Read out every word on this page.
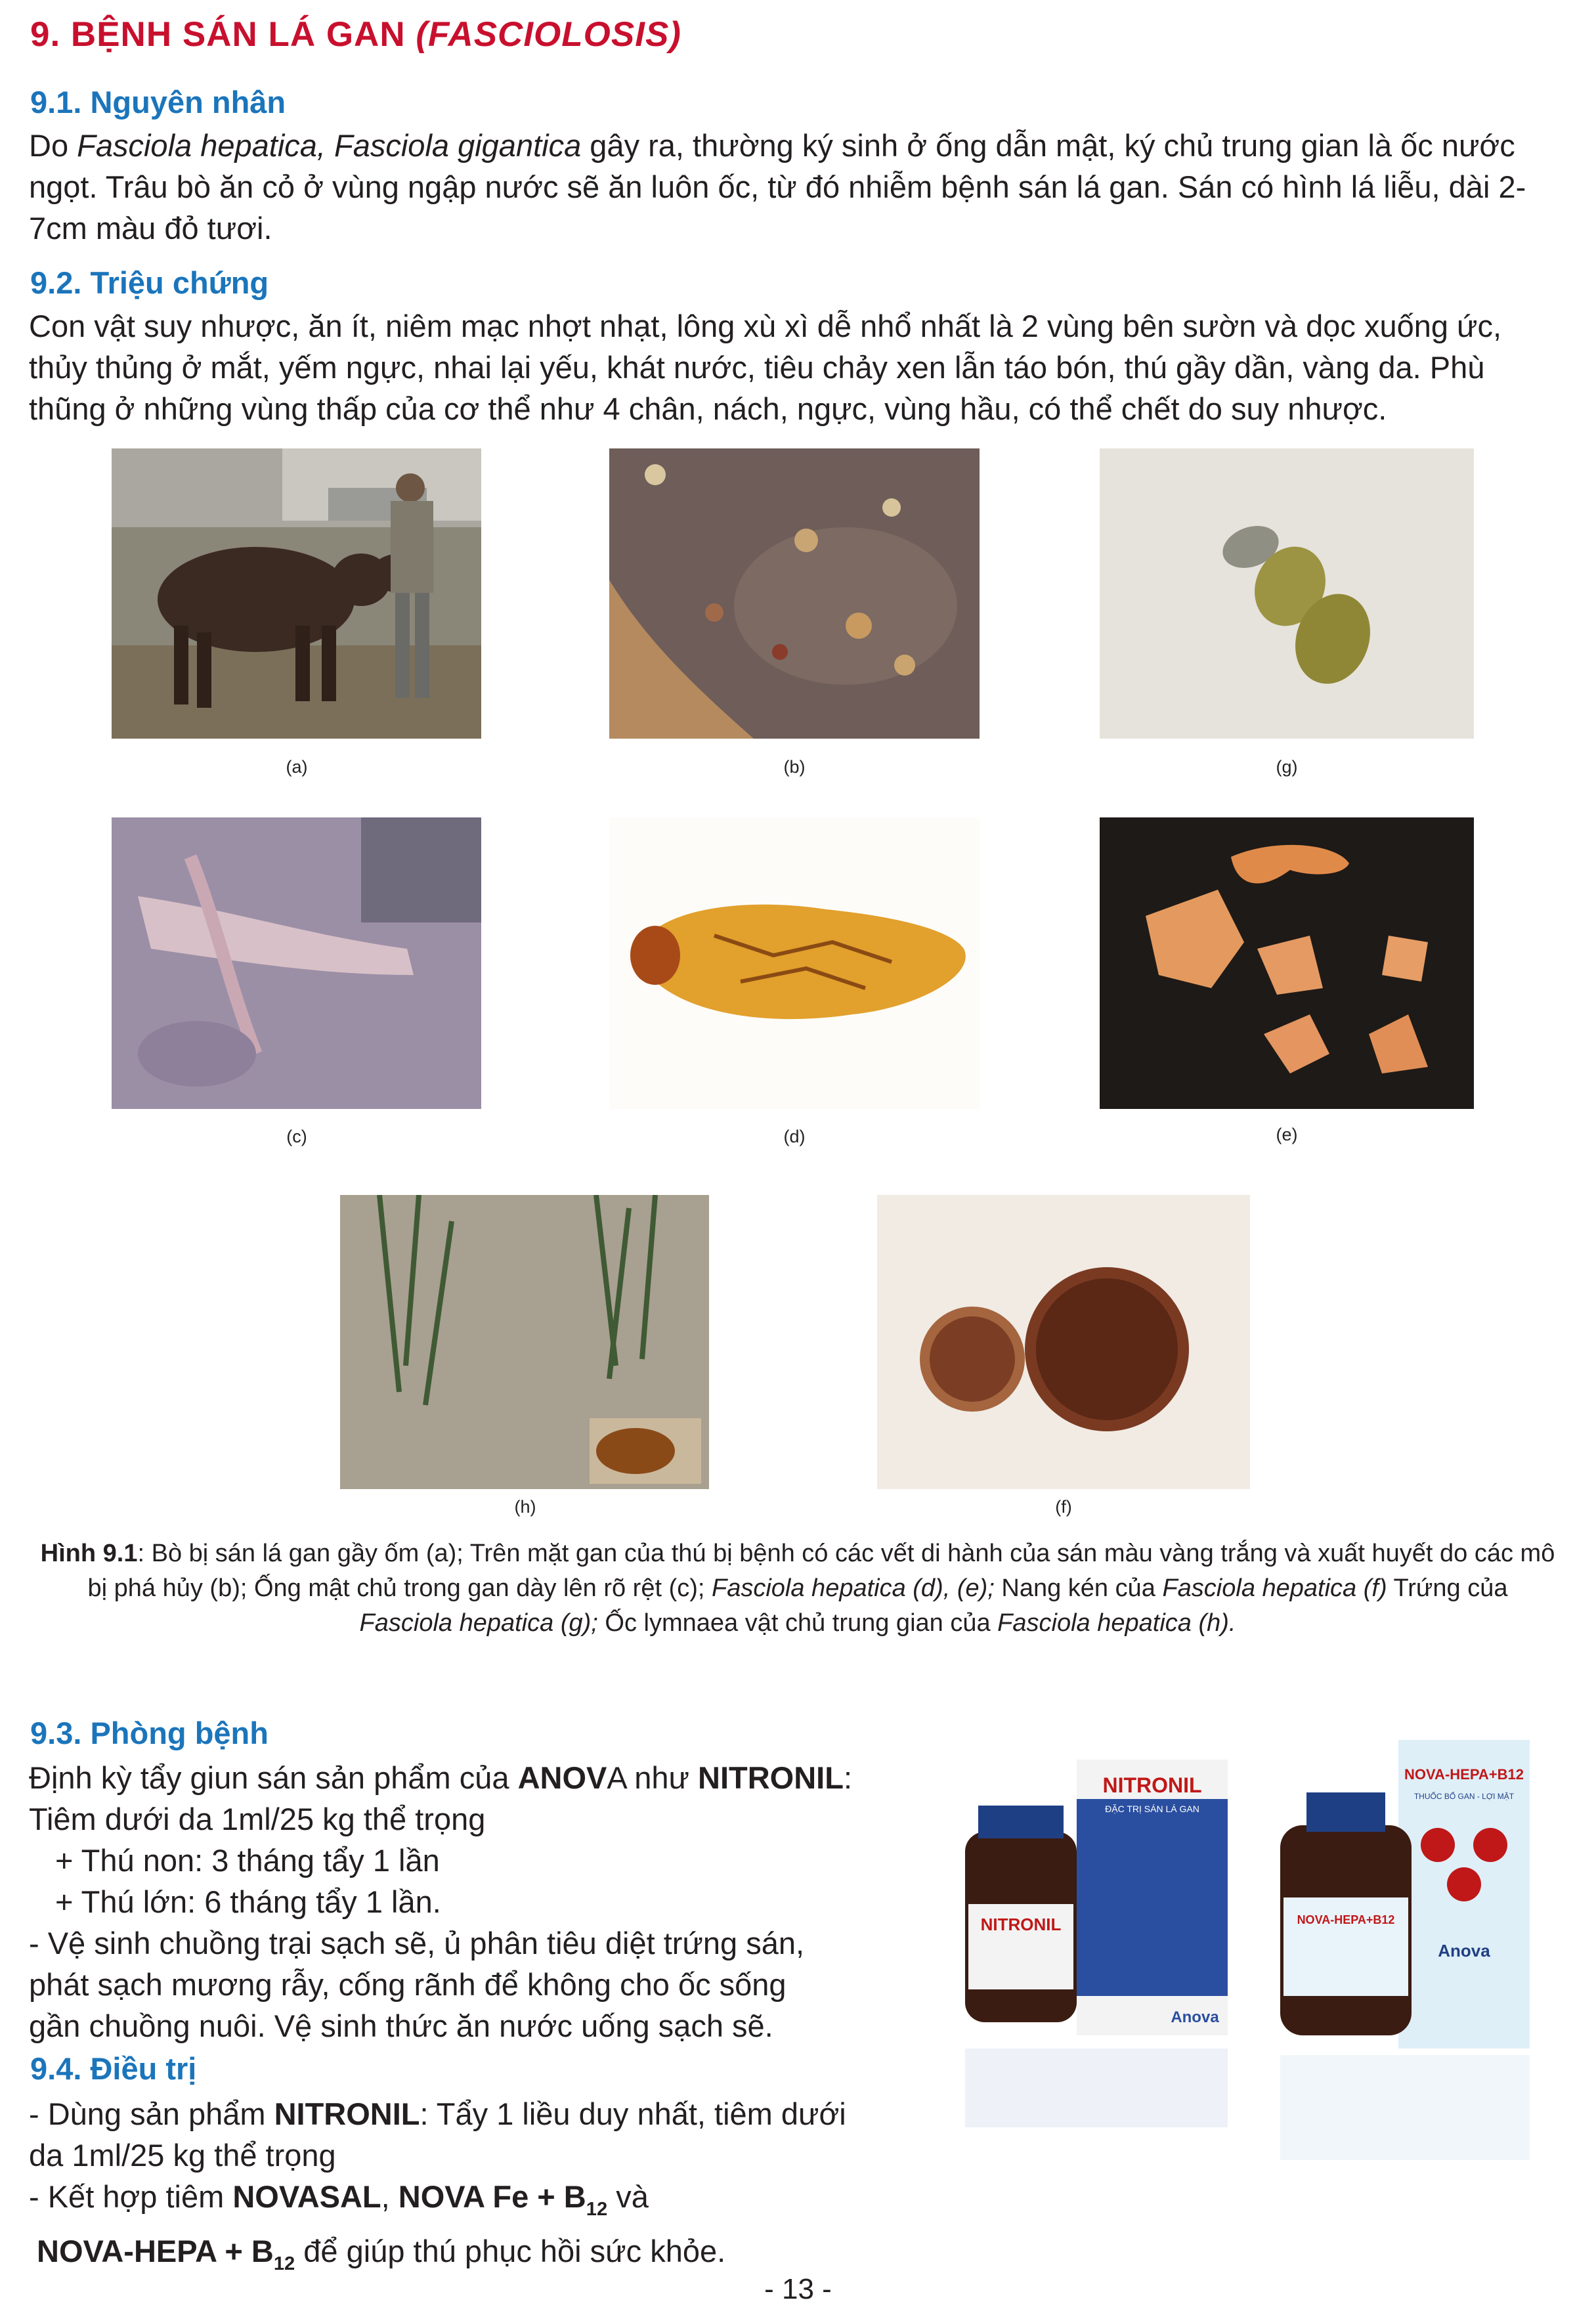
9. BỆNH SÁN LÁ GAN (FASCIOLOSIS)
9.1. Nguyên nhân
Do Fasciola hepatica, Fasciola gigantica gây ra, thường ký sinh ở ống dẫn mật, ký chủ trung gian là ốc nước ngọt. Trâu bò ăn cỏ ở vùng ngập nước sẽ ăn luôn ốc, từ đó nhiễm bệnh sán lá gan. Sán có hình lá liễu, dài 2-7cm màu đỏ tươi.
9.2. Triệu chứng
Con vật suy nhược, ăn ít, niêm mạc nhợt nhạt, lông xù xì dễ nhổ nhất là 2 vùng bên sườn và dọc xuống ức, thủy thủng ở mắt, yếm ngực, nhai lại yếu, khát nước, tiêu chảy xen lẫn táo bón, thú gầy dần, vàng da. Phù thũng ở những vùng thấp của cơ thể như 4 chân, nách, ngực, vùng hầu, có thể chết do suy nhược.
(a)	(b)	(g)
(c)	(d)	(e)
(h)	(f)
Hình 9.1: Bò bị sán lá gan gầy ốm (a); Trên mặt gan của thú bị bệnh có các vết di hành của sán màu vàng trắng và xuất huyết do các mô bị phá hủy (b); Ống mật chủ trong gan dày lên rõ rệt (c); Fasciola hepatica (d), (e); Nang kén của Fasciola hepatica (f) Trứng của Fasciola hepatica (g); Ốc lymnaea vật chủ trung gian của Fasciola hepatica (h).
9.3. Phòng bệnh
Định kỳ tẩy giun sán sản phẩm của ANOVA như NITRONIL:
Tiêm dưới da 1ml/25 kg thể trọng
+ Thú non: 3 tháng tẩy 1 lần
+ Thú lớn: 6 tháng tẩy 1 lần.
- Vệ sinh chuồng trại sạch sẽ, ủ phân tiêu diệt trứng sán,
phát sạch mương rẫy, cống rãnh để không cho ốc sống
gần chuồng nuôi. Vệ sinh thức ăn nước uống sạch sẽ.
9.4. Điều trị
- Dùng sản phẩm NITRONIL: Tẩy 1 liều duy nhất, tiêm dưới
da 1ml/25 kg thể trọng
- Kết hợp tiêm NOVASAL, NOVA $Fe + B_{12}$ và
NOVA-HEPA + $B_{12}$ để giúp thú phục hồi sức khỏe.
NITRONIL
ĐẶC TRỊ SÁN LÁ GAN
Anova
NITRONIL
NOVA-HEPA+B12
THUỐC BỔ GAN - LỢI MẬT
Anova
NOVA-HEPA+B12
- 13 -
